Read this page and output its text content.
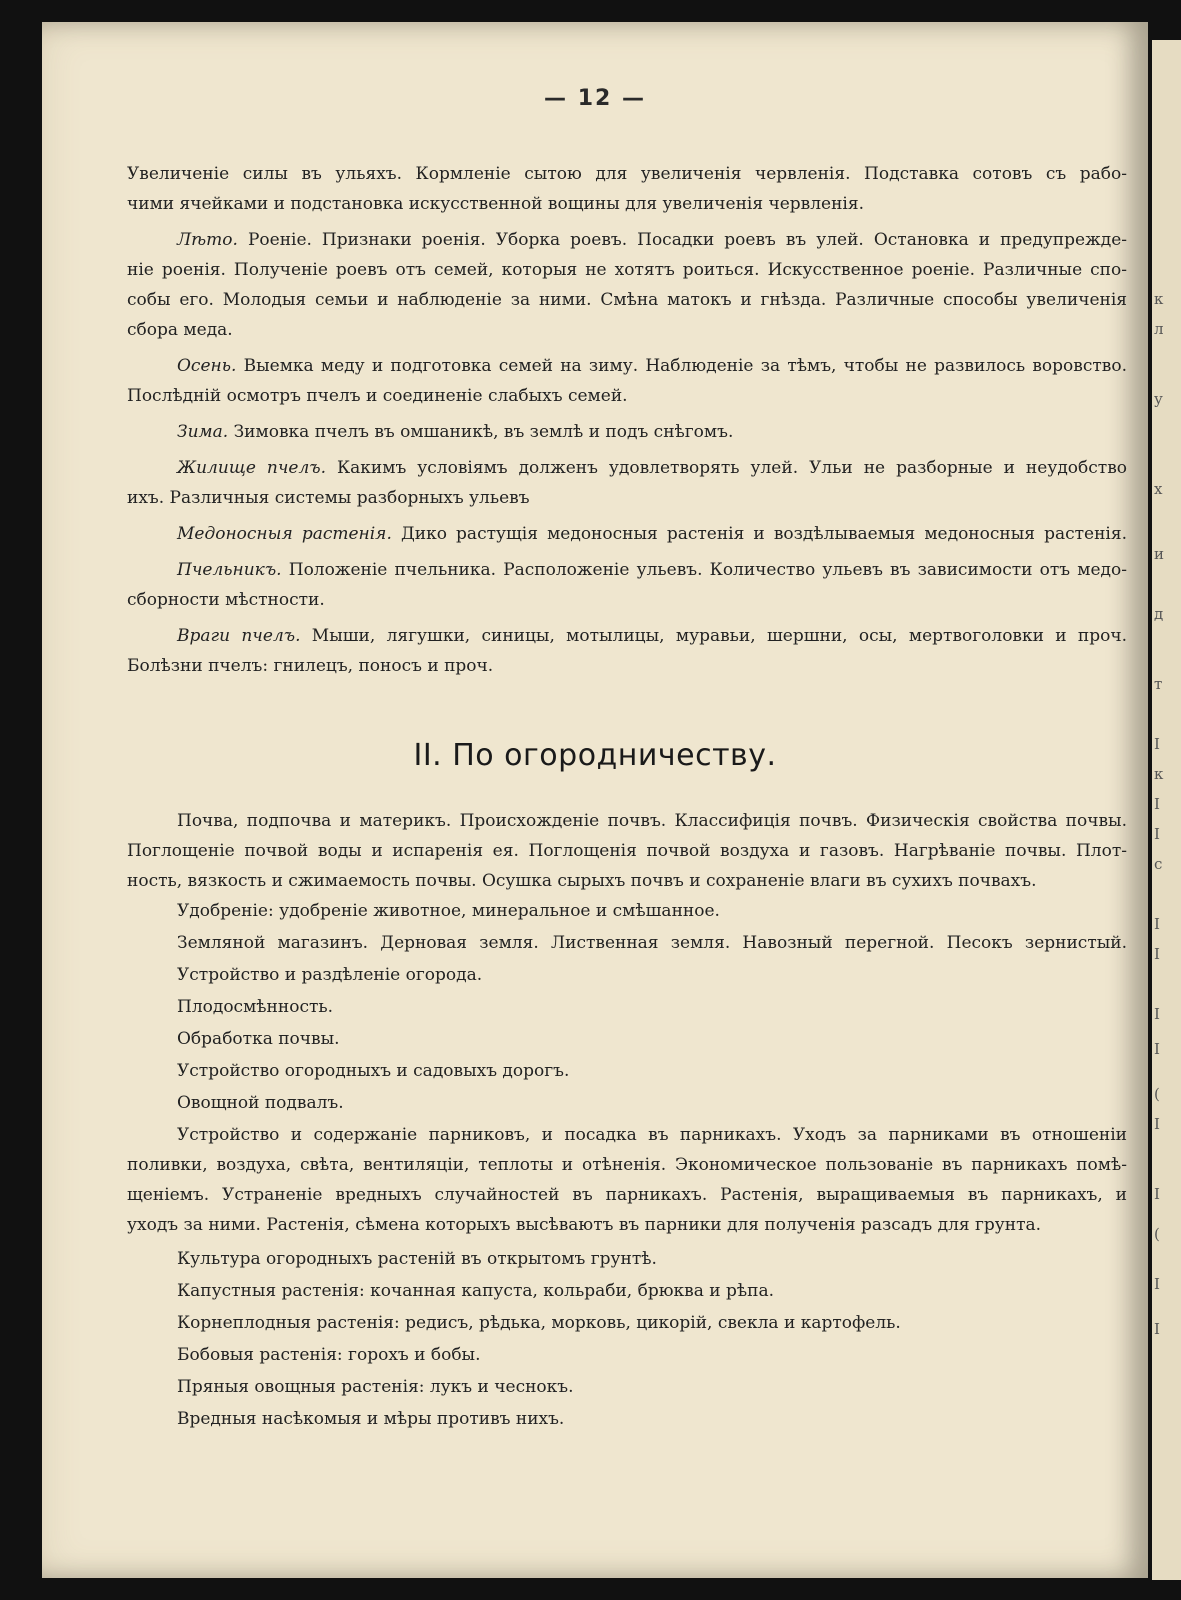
— 12 —
Увеличеніе силы въ ульяхъ. Кормленіе сытою для увеличенія червленія. Подставка сотовъ съ рабо-
чими ячейками и подстановка искусственной вощины для увеличенія червленія.
Лѣто. Роеніе. Признаки роенія. Уборка роевъ. Посадки роевъ въ улей. Остановка и предупрежде-
ніе роенія. Полученіе роевъ отъ семей, которыя не хотятъ роиться. Искусственное роеніе. Различные спо-
собы его. Молодыя семьи и наблюденіе за ними. Смѣна матокъ и гнѣзда. Различные способы увеличенія
сбора меда.
Осень. Выемка меду и подготовка семей на зиму. Наблюденіе за тѣмъ, чтобы не развилось воровство.
Послѣдній осмотръ пчелъ и соединеніе слабыхъ семей.
Зима. Зимовка пчелъ въ омшаникѣ, въ землѣ и подъ снѣгомъ.
Жилище пчелъ. Какимъ условіямъ долженъ удовлетворять улей. Ульи не разборные и неудобство
ихъ. Различныя системы разборныхъ ульевъ
Медоносныя растенія. Дико растущія медоносныя растенія и воздѣлываемыя медоносныя растенія.
Пчельникъ. Положеніе пчельника. Расположеніе ульевъ. Количество ульевъ въ зависимости отъ медо-
сборности мѣстности.
Враги пчелъ. Мыши, лягушки, синицы, мотылицы, муравьи, шершни, осы, мертвоголовки и проч.
Болѣзни пчелъ: гнилецъ, поносъ и проч.
II. По огородничеству.
Почва, подпочва и материкъ. Происхожденіе почвъ. Классифиція почвъ. Физическія свойства почвы.
Поглощеніе почвой воды и испаренія ея. Поглощенія почвой воздуха и газовъ. Нагрѣваніе почвы. Плот-
ность, вязкость и сжимаемость почвы. Осушка сырыхъ почвъ и сохраненіе влаги въ сухихъ почвахъ.
Удобреніе: удобреніе животное, минеральное и смѣшанное.
Земляной магазинъ. Дерновая земля. Лиственная земля. Навозный перегной. Песокъ зернистый.
Устройство и раздѣленіе огорода.
Плодосмѣнность.
Обработка почвы.
Устройство огородныхъ и садовыхъ дорогъ.
Овощной подвалъ.
Устройство и содержаніе парниковъ, и посадка въ парникахъ. Уходъ за парниками въ отношеніи
поливки, воздуха, свѣта, вентиляціи, теплоты и отѣненія. Экономическое пользованіе въ парникахъ помѣ-
щеніемъ. Устраненіе вредныхъ случайностей въ парникахъ. Растенія, выращиваемыя въ парникахъ, и
уходъ за ними. Растенія, сѣмена которыхъ высѣваютъ въ парники для полученія разсадъ для грунта.
Культура огородныхъ растеній въ открытомъ грунтѣ.
Капустныя растенія: кочанная капуста, кольраби, брюква и рѣпа.
Корнеплодныя растенія: редисъ, рѣдька, морковь, цикорій, свекла и картофель.
Бобовыя растенія: горохъ и бобы.
Пряныя овощныя растенія: лукъ и чеснокъ.
Вредныя насѣкомыя и мѣры противъ нихъ.
к
л
у
х
и
д
т
I
к
I
I
с
І
І
І
І
(
І
І
(
І
І
